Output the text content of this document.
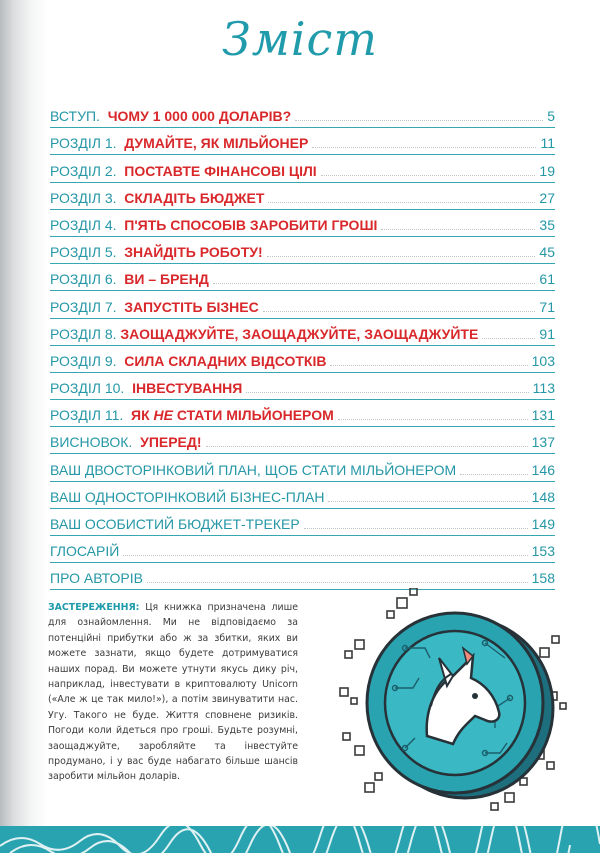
Зміст
ВСТУП. ЧОМУ 1 000 000 ДОЛАРІВ?	5
РОЗДІЛ 1. ДУМАЙТЕ, ЯК МІЛЬЙОНЕР	11
РОЗДІЛ 2. ПОСТАВТЕ ФІНАНСОВІ ЦІЛІ	19
РОЗДІЛ 3. СКЛАДІТЬ БЮДЖЕТ	27
РОЗДІЛ 4. П'ЯТЬ СПОСОБІВ ЗАРОБИТИ ГРОШІ	35
РОЗДІЛ 5. ЗНАЙДІТЬ РОБОТУ!	45
РОЗДІЛ 6. ВИ – БРЕНД	61
РОЗДІЛ 7. ЗАПУСТІТЬ БІЗНЕС	71
РОЗДІЛ 8. ЗАОЩАДЖУЙТЕ, ЗАОЩАДЖУЙТЕ, ЗАОЩАДЖУЙТЕ	91
РОЗДІЛ 9. СИЛА СКЛАДНИХ ВІДСОТКІВ	103
РОЗДІЛ 10. ІНВЕСТУВАННЯ	113
РОЗДІЛ 11. ЯК НЕ СТАТИ МІЛЬЙОНЕРОМ	131
ВИСНОВОК. УПЕРЕД!	137
ВАШ ДВОСТОРІНКОВИЙ ПЛАН, ЩОБ СТАТИ МІЛЬЙОНЕРОМ	146
ВАШ ОДНОСТОРІНКОВИЙ БІЗНЕС-ПЛАН	148
ВАШ ОСОБИСТИЙ БЮДЖЕТ-ТРЕКЕР	149
ГЛОСАРІЙ	153
ПРО АВТОРІВ	158
ЗАСТЕРЕЖЕННЯ: Ця книжка призначена лише для ознайомлення. Ми не відповідаємо за потенційні прибутки або ж за збитки, яких ви можете зазнати, якщо будете дотримуватися наших порад. Ви можете утнути якусь дику річ, наприклад, інвестувати в криптовалюту Unicorn («Але ж це так мило!»), а потім звинуватити нас. Угу. Такого не буде. Життя сповнене ризиків. Погоди коли йдеться про гроші. Будьте розумні, заощаджуйте, заробляйте та інвестуйте продумано, і у вас буде набагато більше шансів заробити мільйон доларів.
